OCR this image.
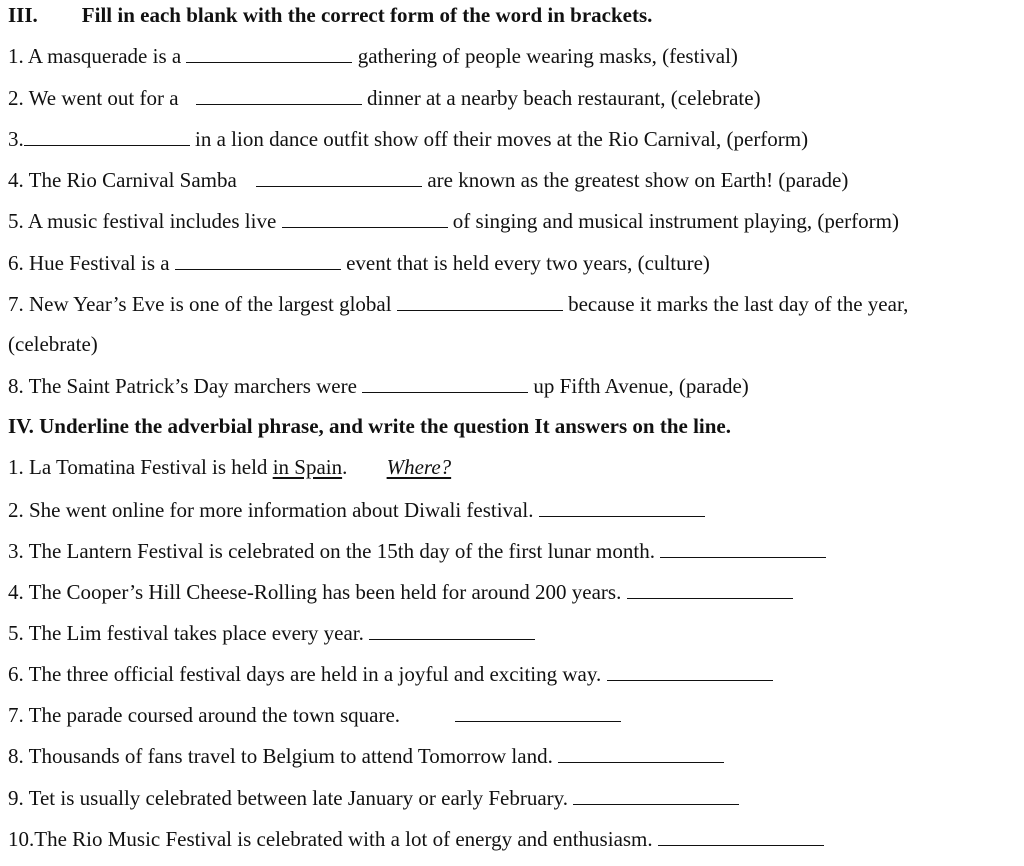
III. Fill in each blank with the correct form of the word in brackets.
1. A masquerade is a	gathering of people wearing masks, (festival)
2. We went out for a	dinner at a nearby beach restaurant, (celebrate)
3.	in a lion dance outfit show off their moves at the Rio Carnival, (perform)
4. The Rio Carnival Samba	are known as the greatest show on Earth! (parade)
5. A music festival includes live	of singing and musical instrument playing, (perform)
6. Hue Festival is a	event that is held every two years, (culture)
7. New Year’s Eve is one of the largest global	because it marks the last day of the year,
(celebrate)
8. The Saint Patrick’s Day marchers were	up Fifth Avenue, (parade)
IV. Underline the adverbial phrase, and write the question It answers on the line.
1. La Tomatina Festival is held in Spain. Where?
2. She went online for more information about Diwali festival.
3. The Lantern Festival is celebrated on the 15th day of the first lunar month.
4. The Cooper’s Hill Cheese-Rolling has been held for around 200 years.
5. The Lim festival takes place every year.
6. The three official festival days are held in a joyful and exciting way.
7. The parade coursed around the town square.
8. Thousands of fans travel to Belgium to attend Tomorrow land.
9. Tet is usually celebrated between late January or early February.
10.The Rio Music Festival is celebrated with a lot of energy and enthusiasm.
